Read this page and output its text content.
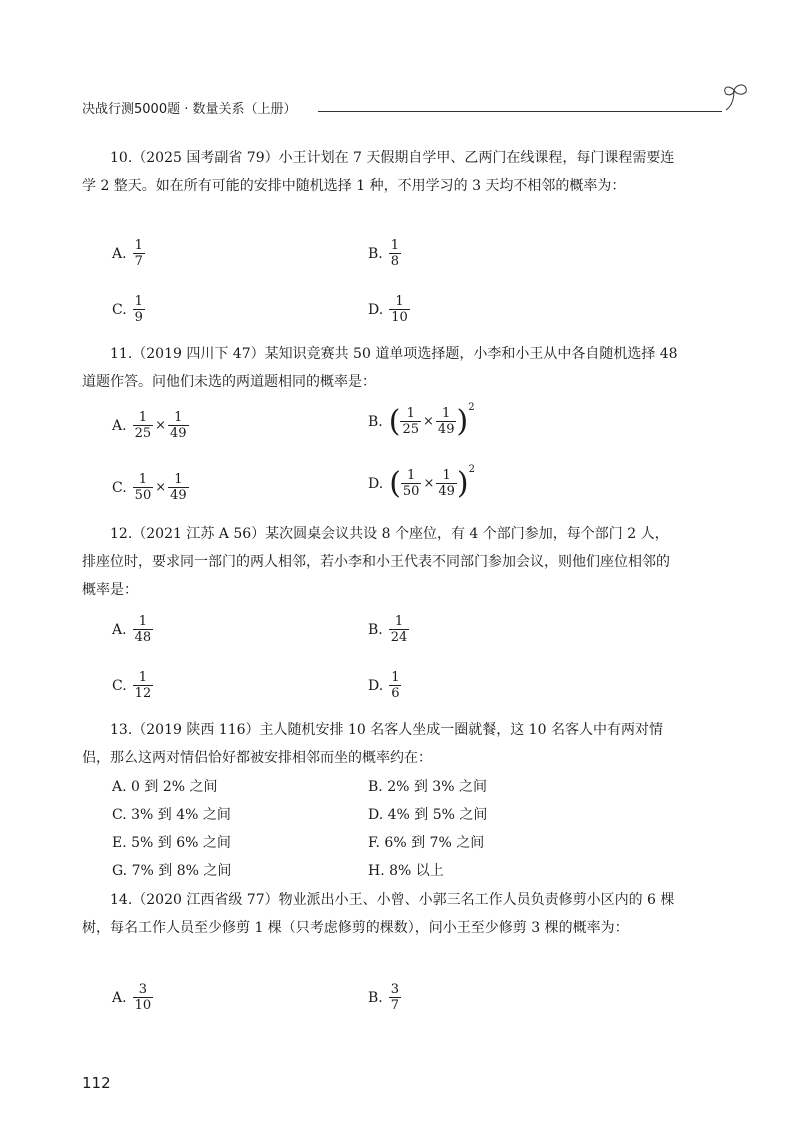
决战行测5000题 · 数量关系（上册）
10.（2025 国考副省 79）小王计划在 7 天假期自学甲、乙两门在线课程，每门课程需要连学 2 整天。如在所有可能的安排中随机选择 1 种，不用学习的 3 天均不相邻的概率为：
A. $\frac{1}{7}$	B. $\frac{1}{8}$
C. $\frac{1}{9}$	D. $\frac{1}{10}$
11.（2019 四川下 47）某知识竞赛共 50 道单项选择题，小李和小王从中各自随机选择 48 道题作答。问他们未选的两道题相同的概率是：
A. $\frac{1}{25} \times \frac{1}{49}$	B. ( $\frac{1}{25} \times \frac{1}{49}$ ) 2
C. $\frac{1}{50} \times \frac{1}{49}$	D. ( $\frac{1}{50} \times \frac{1}{49}$ ) 2
12.（2021 江苏 A 56）某次圆桌会议共设 8 个座位，有 4 个部门参加，每个部门 2 人，排座位时，要求同一部门的两人相邻，若小李和小王代表不同部门参加会议，则他们座位相邻的概率是：
A. $\frac{1}{48}$	B. $\frac{1}{24}$
C. $\frac{1}{12}$	D. $\frac{1}{6}$
13.（2019 陕西 116）主人随机安排 10 名客人坐成一圈就餐，这 10 名客人中有两对情侣，那么这两对情侣恰好都被安排相邻而坐的概率约在：
A. 0 到 2% 之间	B. 2% 到 3% 之间
C. 3% 到 4% 之间	D. 4% 到 5% 之间
E. 5% 到 6% 之间	F. 6% 到 7% 之间
G. 7% 到 8% 之间	H. 8% 以上
14.（2020 江西省级 77）物业派出小王、小曾、小郭三名工作人员负责修剪小区内的 6 棵树，每名工作人员至少修剪 1 棵（只考虑修剪的棵数），问小王至少修剪 3 棵的概率为：
A. $\frac{3}{10}$	B. $\frac{3}{7}$
112
